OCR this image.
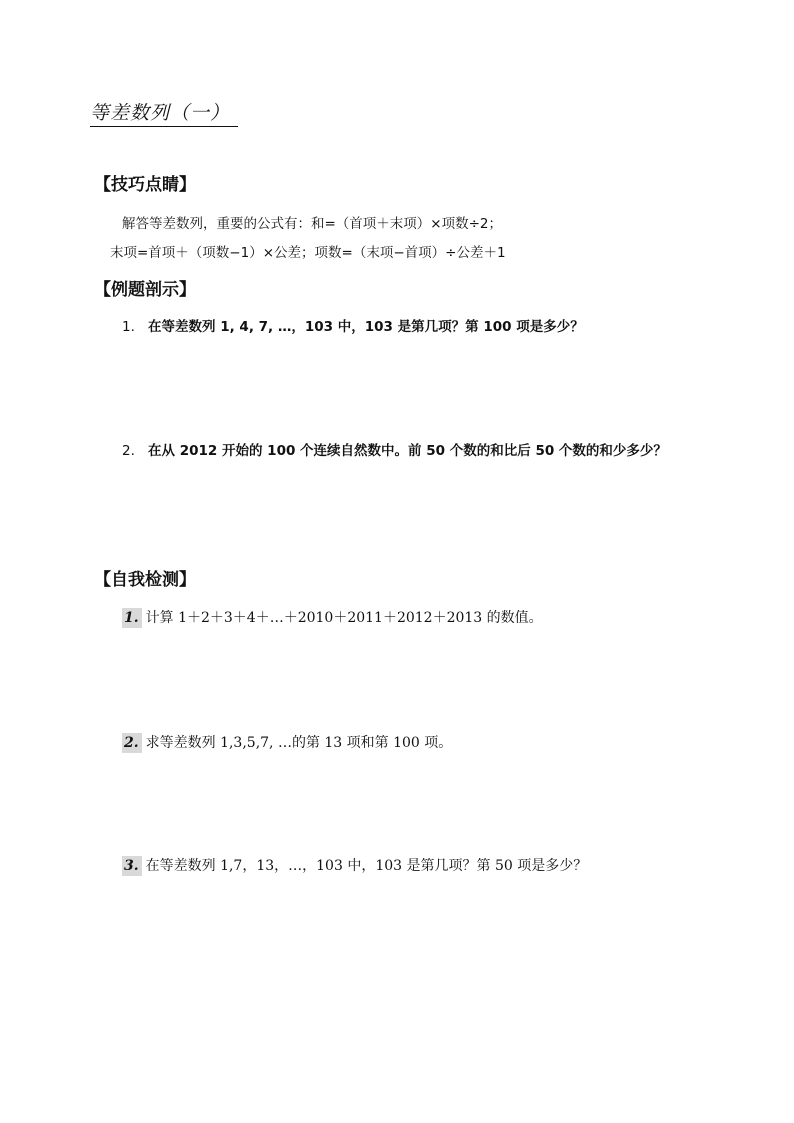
等差数列（一）
【技巧点睛】
解答等差数列，重要的公式有：和=（首项＋末项）×项数÷2；
末项=首项＋（项数−1）×公差；项数=（末项−首项）÷公差＋1
【例题剖示】
1. 在等差数列 1, 4, 7, …，103 中，103 是第几项？第 100 项是多少？
2. 在从 2012 开始的 100 个连续自然数中。前 50 个数的和比后 50 个数的和少多少？
【自我检测】
1. 计算 1＋2＋3＋4＋…＋2010＋2011＋2012＋2013 的数值。
2. 求等差数列 1,3,5,7, …的第 13 项和第 100 项。
3. 在等差数列 1,7，13，…，103 中，103 是第几项？第 50 项是多少？
